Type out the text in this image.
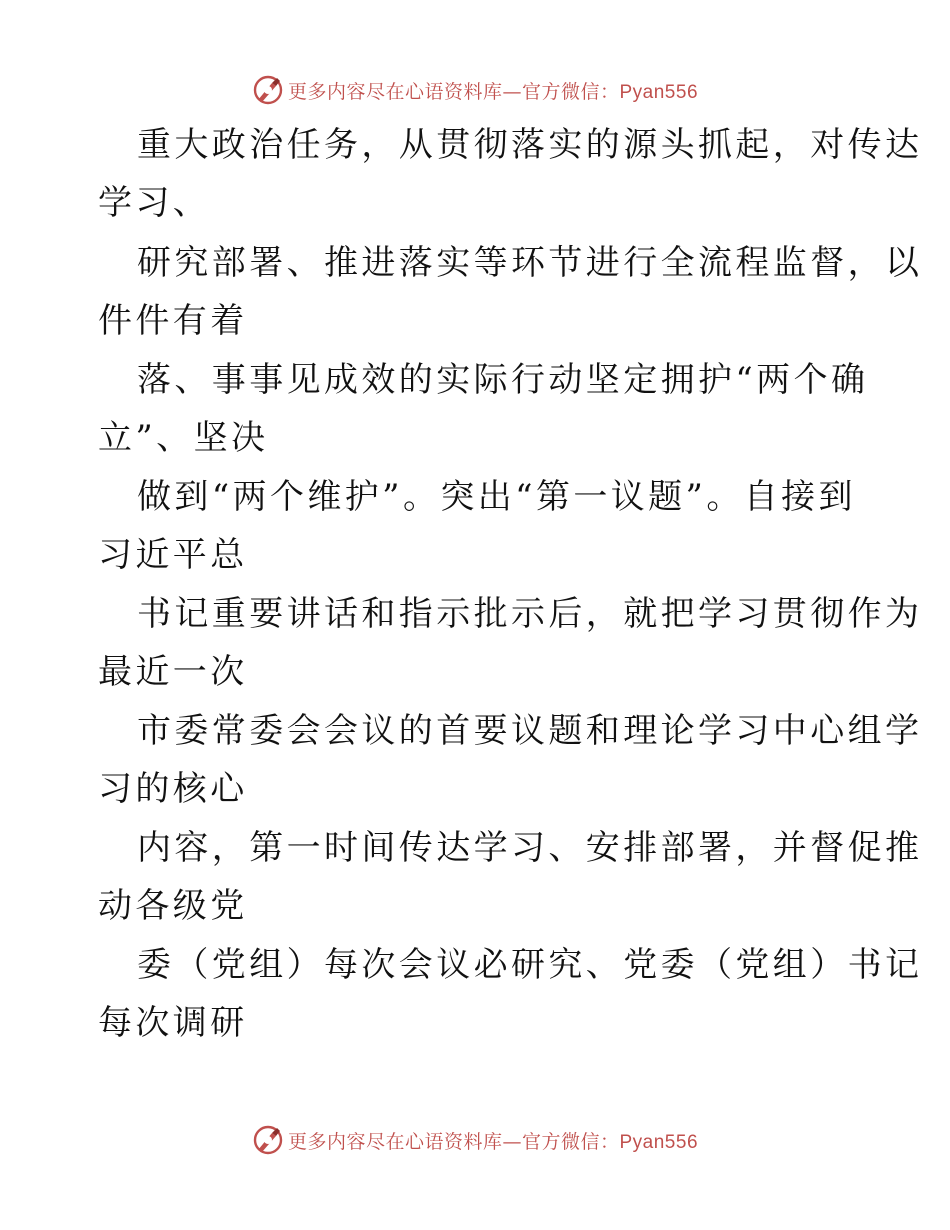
更多内容尽在心语资料库—官方微信：Pyan556
重大政治任务，从贯彻落实的源头抓起，对传达
学习、
研究部署、推进落实等环节进行全流程监督，以
件件有着
落、事事见成效的实际行动坚定拥护“两个确
立”、坚决
做到“两个维护”。突出“第一议题”。自接到
习近平总
书记重要讲话和指示批示后，就把学习贯彻作为
最近一次
市委常委会会议的首要议题和理论学习中心组学
习的核心
内容，第一时间传达学习、安排部署，并督促推
动各级党
委（党组）每次会议必研究、党委（党组）书记
每次调研
更多内容尽在心语资料库—官方微信：Pyan556
